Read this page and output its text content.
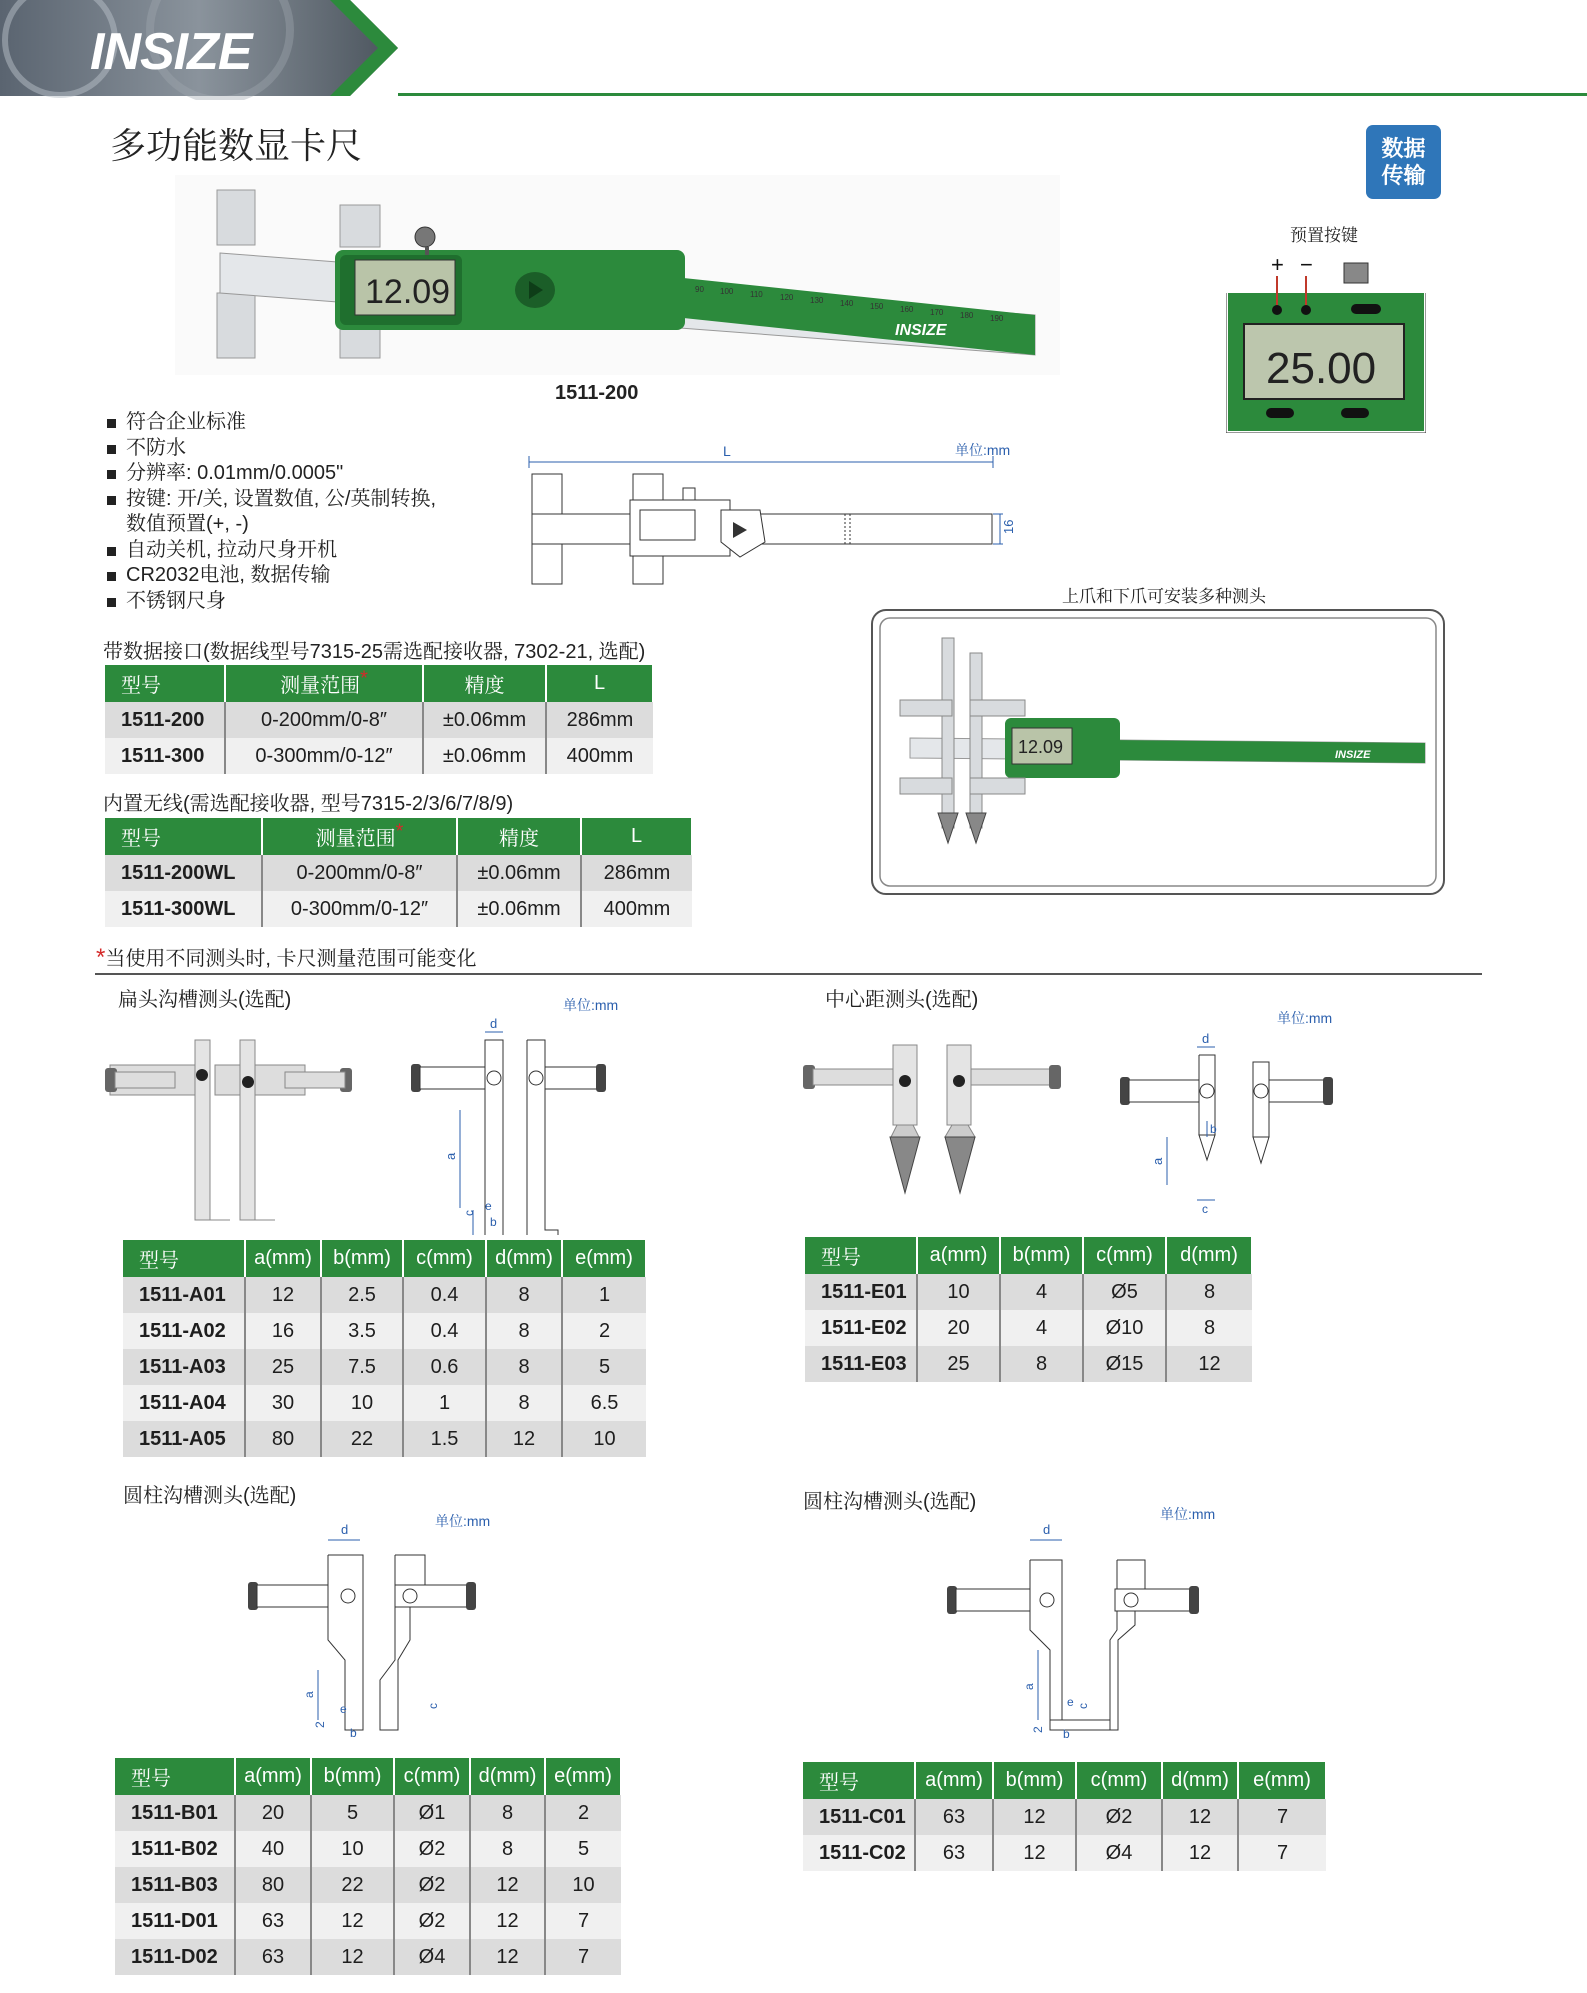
INSIZE
多功能数显卡尺	数据
传输
90 100 110 120 130 140 150 160 170 180 190
INSIZE
12.09
1511-200
预置按键
+ −
25.00
单位:mm
L
16
符合企业标准
不防水
分辨率: 0.01mm/0.0005"
按键: 开/关, 设置数值, 公/英制转换,
数值预置(+, -)
自动关机, 拉动尺身开机
CR2032电池, 数据传输
不锈钢尺身	上爪和下爪可安装多种测头
INSIZE
12.09
带数据接口(数据线型号7315-25需选配接收器, 7302-21, 选配)
型号	测量范围*	精度	L
1511-200	0-200mm/0-8″	±0.06mm	286mm
1511-300	0-300mm/0-12″	±0.06mm	400mm
内置无线(需选配接收器, 型号7315-2/3/6/7/8/9)
型号	测量范围*	精度	L
1511-200WL	0-200mm/0-8″	±0.06mm	286mm
1511-300WL	0-300mm/0-12″	±0.06mm	400mm
*当使用不同测头时, 卡尺测量范围可能变化
扁头沟槽测头(选配)	单位:mm
d
a
c e
b
型号	a(mm)	b(mm)	c(mm)	d(mm)	e(mm)
1511-A01	12	2.5	0.4	8	1
1511-A02	16	3.5	0.4	8	2
1511-A03	25	7.5	0.6	8	5
1511-A04	30	10	1	8	6.5
1511-A05	80	22	1.5	12	10
中心距测头(选配)
单位:mm
d
b
a
c
型号	a(mm)	b(mm)	c(mm)	d(mm)
1511-E01	10	4	Ø5	8
1511-E02	20	4	Ø10	8
1511-E03	25	8	Ø15	12
圆柱沟槽测头(选配)
单位:mm
d
a
e	c
2
b
型号	a(mm)	b(mm)	c(mm)	d(mm)	e(mm)
1511-B01	20	5	Ø1	8	2
1511-B02	40	10	Ø2	8	5
1511-B03	80	22	Ø2	12	10
1511-D01	63	12	Ø2	12	7
1511-D02	63	12	Ø4	12	7
圆柱沟槽测头(选配)
单位:mm
d
a
e c
2 b
型号	a(mm)	b(mm)	c(mm)	d(mm)	e(mm)
1511-C01	63	12	Ø2	12	7
1511-C02	63	12	Ø4	12	7
